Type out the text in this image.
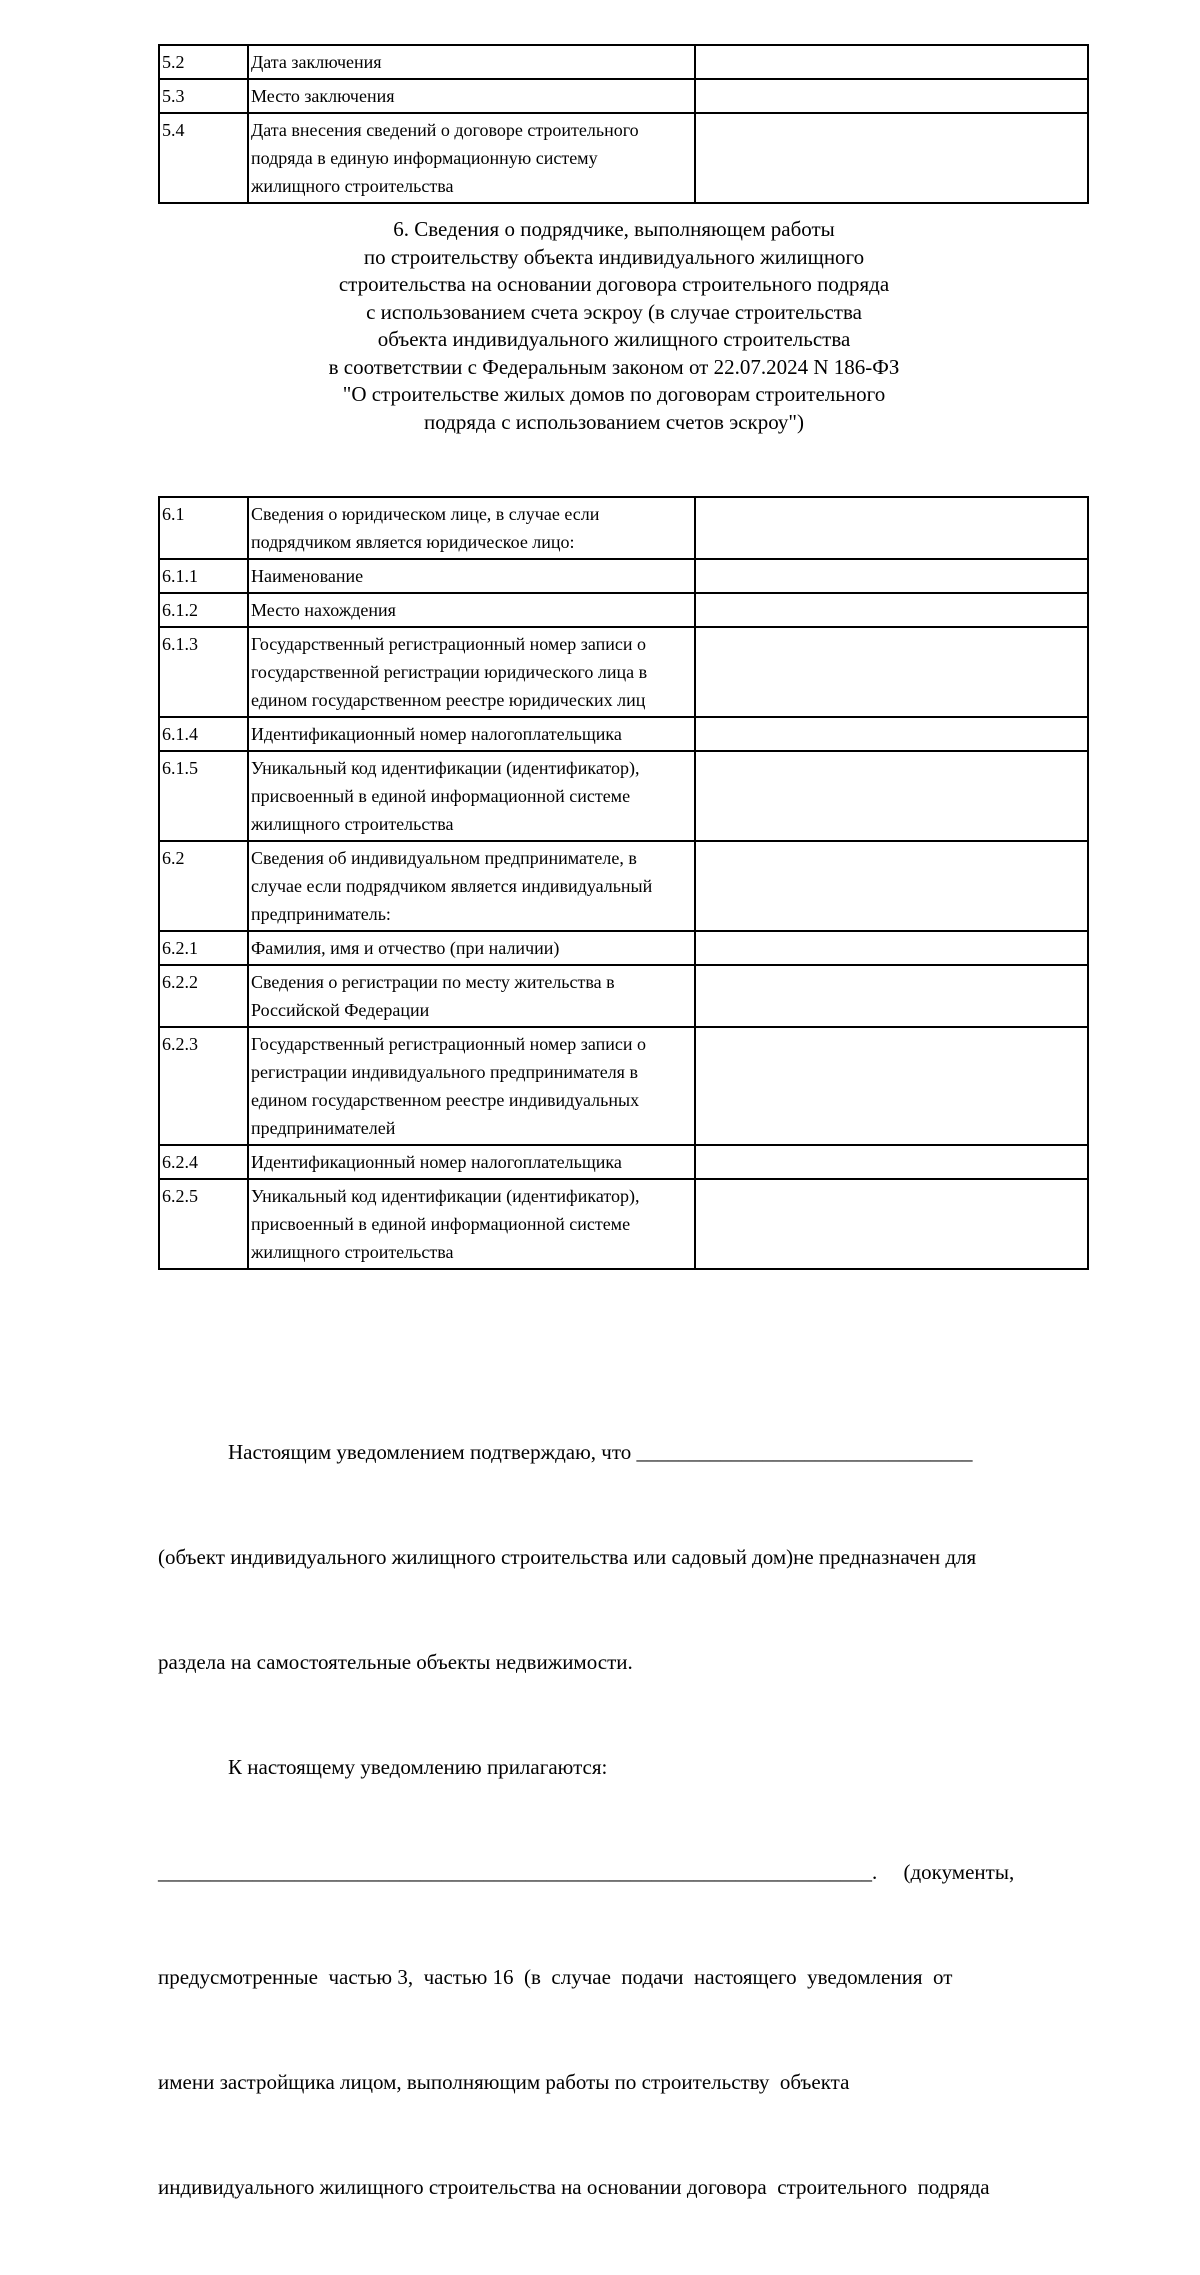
5.2	Дата заключения	
5.3	Место заключения	
5.4	Дата внесения сведений о договоре строительного подряда в единую информационную систему жилищного строительства	
6. Сведения о подрядчике, выполняющем работы
по строительству объекта индивидуального жилищного
строительства на основании договора строительного подряда
с использованием счета эскроу (в случае строительства
объекта индивидуального жилищного строительства
в соответствии с Федеральным законом от 22.07.2024 N 186-ФЗ
"О строительстве жилых домов по договорам строительного
подряда с использованием счетов эскроу")
6.1	Сведения о юридическом лице, в случае если подрядчиком является юридическое лицо:	
6.1.1	Наименование	
6.1.2	Место нахождения	
6.1.3	Государственный регистрационный номер записи о государственной регистрации юридического лица в едином государственном реестре юридических лиц	
6.1.4	Идентификационный номер налогоплательщика	
6.1.5	Уникальный код идентификации (идентификатор), присвоенный в единой информационной системе жилищного строительства	
6.2	Сведения об индивидуальном предпринимателе, в случае если подрядчиком является индивидуальный предприниматель:	
6.2.1	Фамилия, имя и отчество (при наличии)	
6.2.2	Сведения о регистрации по месту жительства в Российской Федерации	
6.2.3	Государственный регистрационный номер записи о регистрации индивидуального предпринимателя в едином государственном реестре индивидуальных предпринимателей	
6.2.4	Идентификационный номер налогоплательщика	
6.2.5	Уникальный код идентификации (идентификатор), присвоенный в единой информационной системе жилищного строительства	

Настоящим уведомлением подтверждаю, что ________________________________

(объект индивидуального жилищного строительства или садовый дом)не предназначен для

раздела на самостоятельные объекты недвижимости.

К настоящему уведомлению прилагаются:

____________________________________________________________________.     (документы,

предусмотренные  частью 3,  частью 16  (в  случае  подачи  настоящего  уведомления  от

имени застройщика лицом, выполняющим работы по строительству  объекта

индивидуального жилищного строительства на основании договора  строительного  подряда
